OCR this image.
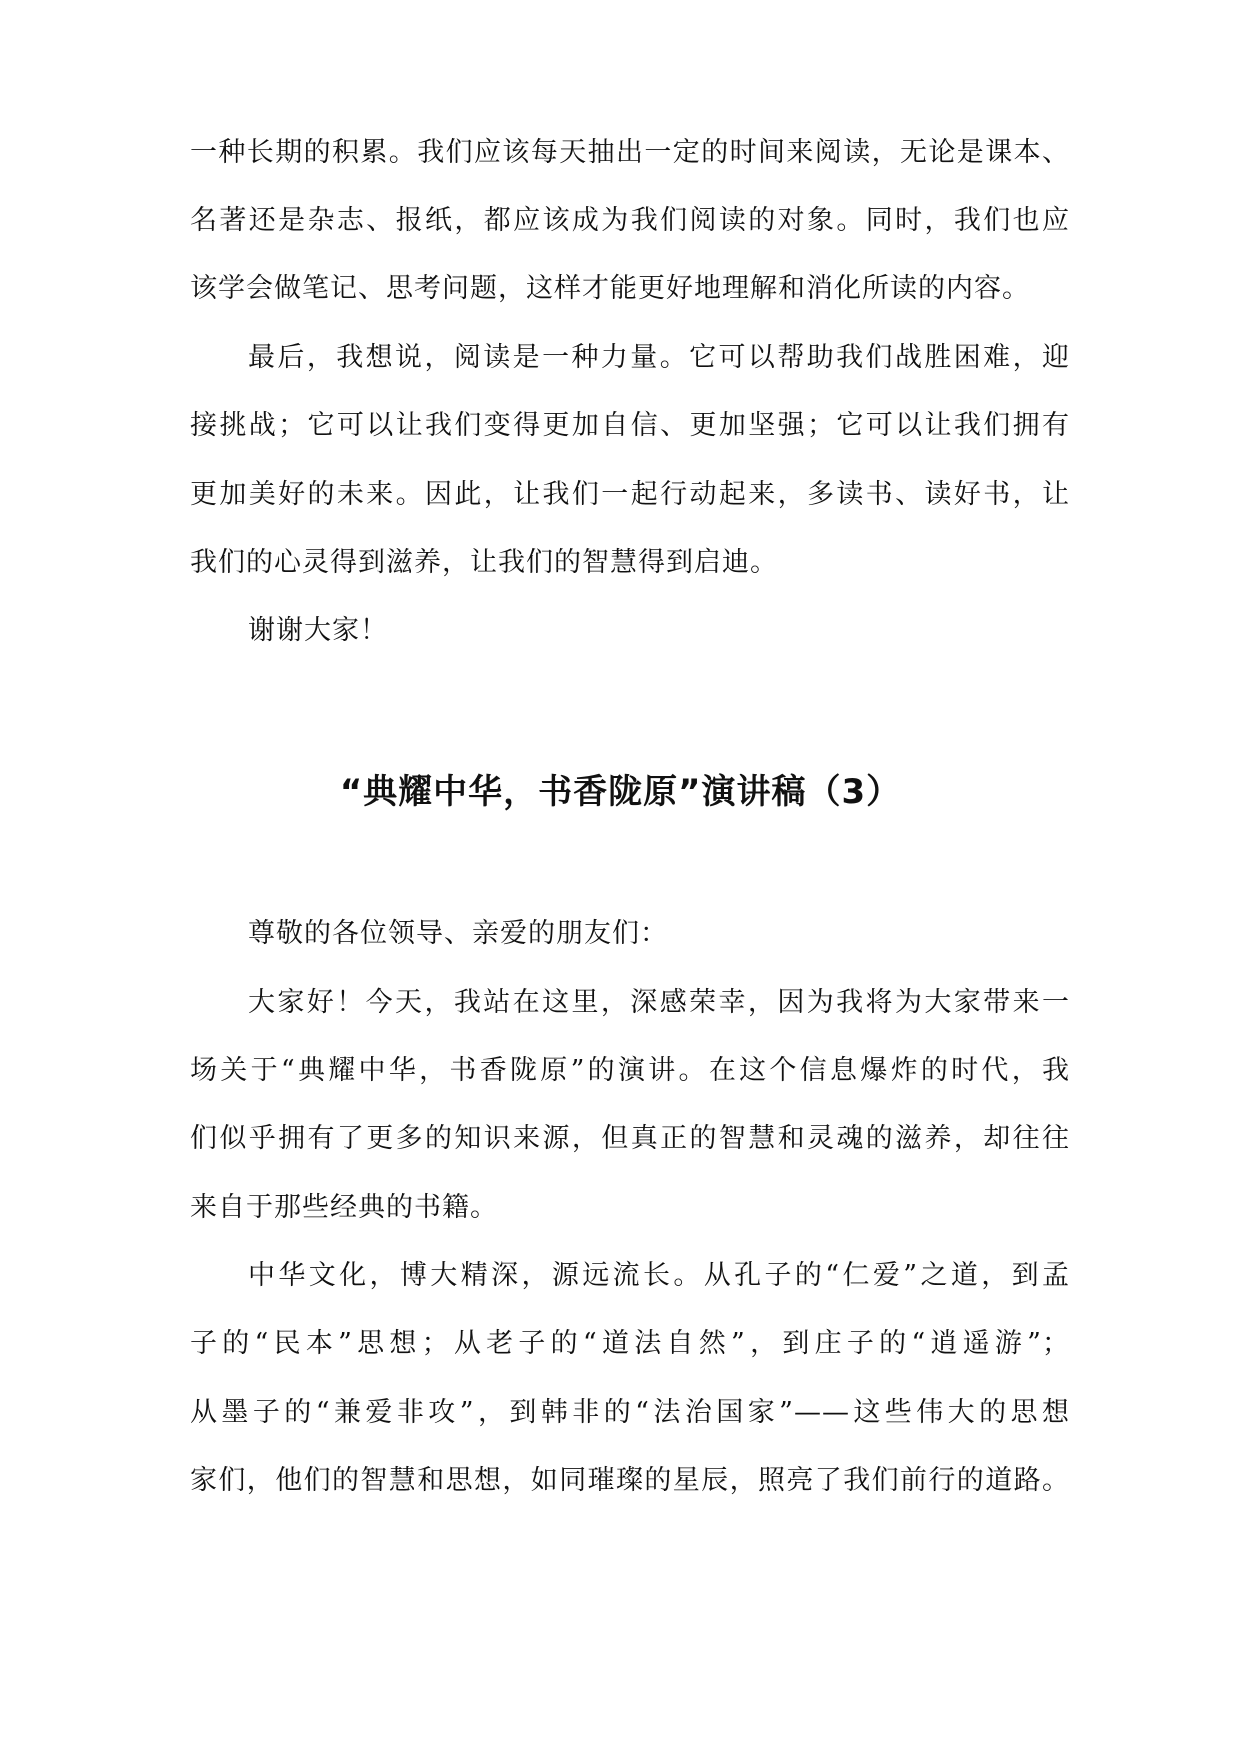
一种长期的积累。我们应该每天抽出一定的时间来阅读，无论是课本、
名著还是杂志、报纸，都应该成为我们阅读的对象。同时，我们也应
该学会做笔记、思考问题，这样才能更好地理解和消化所读的内容。
最后，我想说，阅读是一种力量。它可以帮助我们战胜困难，迎
接挑战；它可以让我们变得更加自信、更加坚强；它可以让我们拥有
更加美好的未来。因此，让我们一起行动起来，多读书、读好书，让
我们的心灵得到滋养，让我们的智慧得到启迪。
谢谢大家！
“典耀中华，书香陇原”演讲稿（3）
尊敬的各位领导、亲爱的朋友们：
大家好！今天，我站在这里，深感荣幸，因为我将为大家带来一
场关于“典耀中华，书香陇原”的演讲。在这个信息爆炸的时代，我
们似乎拥有了更多的知识来源，但真正的智慧和灵魂的滋养，却往往
来自于那些经典的书籍。
中华文化，博大精深，源远流长。从孔子的“仁爱”之道，到孟
子的“民本”思想；从老子的“道法自然”，到庄子的“逍遥游”；
从墨子的“兼爱非攻”，到韩非的“法治国家”——这些伟大的思想
家们，他们的智慧和思想，如同璀璨的星辰，照亮了我们前行的道路。
